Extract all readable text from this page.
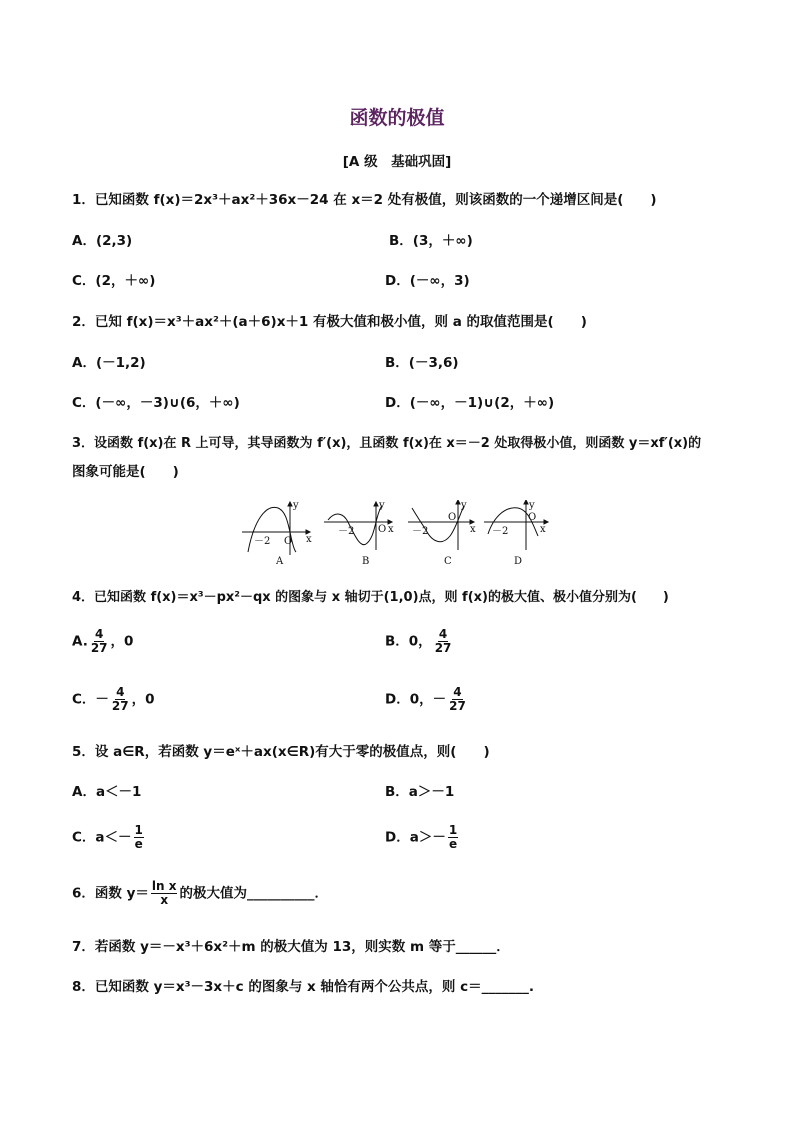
函数的极值
[A 级　基础巩固]
1．已知函数 f(x)＝2x³＋ax²＋36x－24 在 x＝2 处有极值，则该函数的一个递增区间是(　　)
A．(2,3)	B．(3，＋∞)
C．(2，＋∞)	D．(－∞，3)
2．已知 f(x)＝x³＋ax²＋(a＋6)x＋1 有极大值和极小值，则 a 的取值范围是(　　)
A．(－1,2)	B．(－3,6)
C．(－∞，－3)∪(6，＋∞)	D．(－∞，－1)∪(2，＋∞)
3．设函数 f(x)在 R 上可导，其导函数为 f′(x)，且函数 f(x)在 x＝－2 处取得极小值，则函数 y＝xf′(x)的
图象可能是(　　)
－2 O
y
x
A
－2 O
y
x
B
－2
O
y
x
C
－2
O
y
x
D
4．已知函数 f(x)＝x³－px²－qx 的图象与 x 轴切于(1,0)点，则 f(x)的极大值、极小值分别为(　　)
A. $\frac{4}{27}$ ，0	B．0， $\frac{4}{27}$
C．－ $\frac{4}{27}$ ，0	D．0，－ $\frac{4}{27}$
5．设 a∈R，若函数 y＝eˣ＋ax(x∈R)有大于零的极值点，则(　　)
A．a＜－1	B．a＞－1
C．$a<- \frac{1}{e}$	D．$a>- \frac{1}{e}$
6．函数 $y= \frac{\text{ln x}}{x}$ 的极大值为__________．
7．若函数 y＝－x³＋6x²＋m 的极大值为 13，则实数 m 等于______．
8．已知函数 y＝x³－3x＋c 的图象与 x 轴恰有两个公共点，则 c＝_______.
